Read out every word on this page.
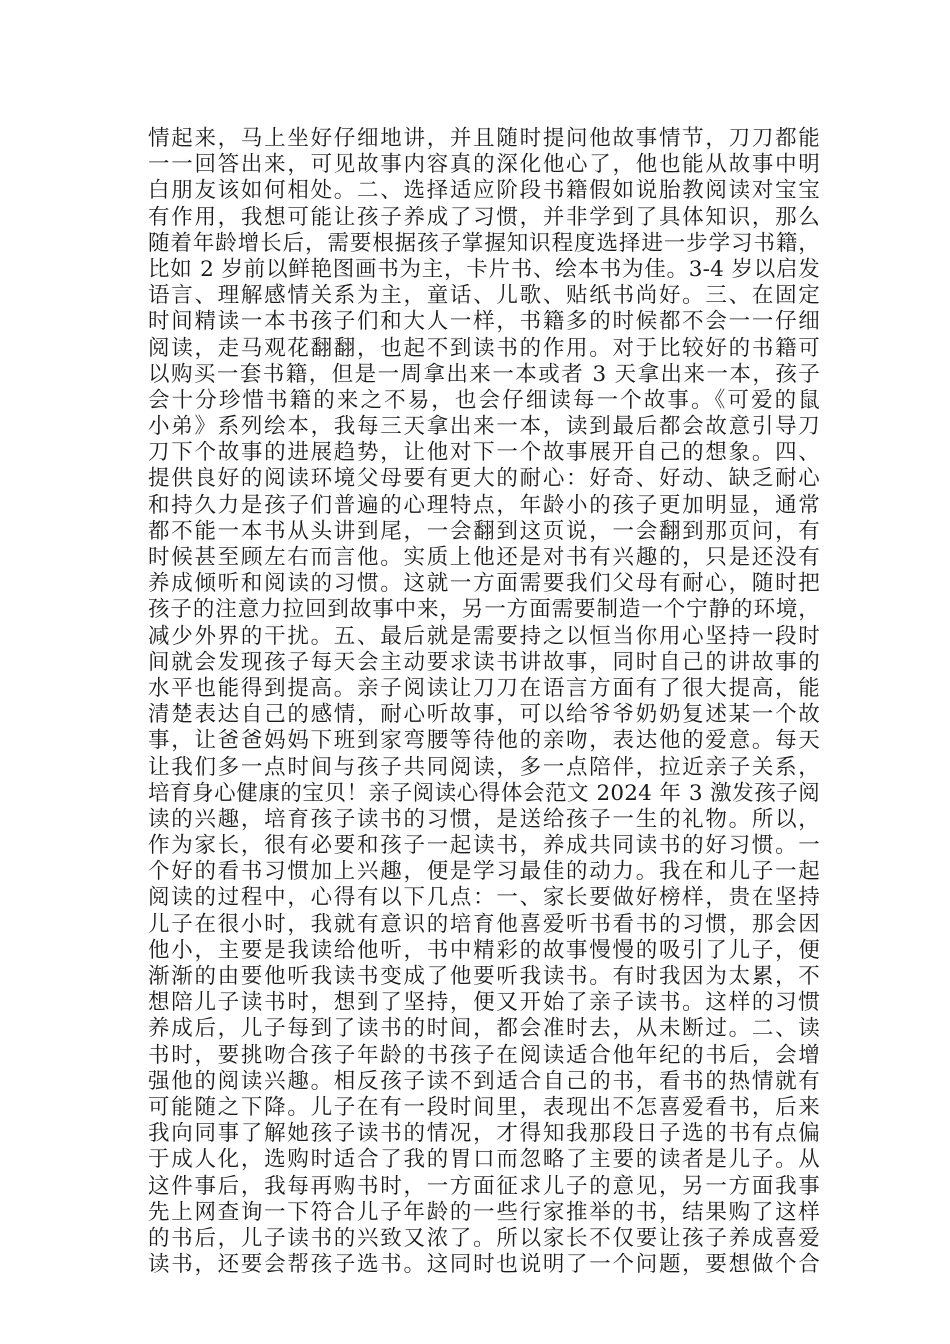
情起来，马上坐好仔细地讲，并且随时提问他故事情节，刀刀都能
一一回答出来，可见故事内容真的深化他心了，他也能从故事中明
白朋友该如何相处。二、选择适应阶段书籍假如说胎教阅读对宝宝
有作用，我想可能让孩子养成了习惯，并非学到了具体知识，那么
随着年龄增长后，需要根据孩子掌握知识程度选择进一步学习书籍，
比如 2 岁前以鲜艳图画书为主，卡片书、绘本书为佳。3-4 岁以启发
语言、理解感情关系为主，童话、儿歌、贴纸书尚好。三、在固定
时间精读一本书孩子们和大人一样，书籍多的时候都不会一一仔细
阅读，走马观花翻翻，也起不到读书的作用。对于比较好的书籍可
以购买一套书籍，但是一周拿出来一本或者 3 天拿出来一本，孩子
会十分珍惜书籍的来之不易，也会仔细读每一个故事。《可爱的鼠
小弟》系列绘本，我每三天拿出来一本，读到最后都会故意引导刀
刀下个故事的进展趋势，让他对下一个故事展开自己的想象。四、
提供良好的阅读环境父母要有更大的耐心：好奇、好动、缺乏耐心
和持久力是孩子们普遍的心理特点，年龄小的孩子更加明显，通常
都不能一本书从头讲到尾，一会翻到这页说，一会翻到那页问，有
时候甚至顾左右而言他。实质上他还是对书有兴趣的，只是还没有
养成倾听和阅读的习惯。这就一方面需要我们父母有耐心，随时把
孩子的注意力拉回到故事中来，另一方面需要制造一个宁静的环境，
减少外界的干扰。五、最后就是需要持之以恒当你用心坚持一段时
间就会发现孩子每天会主动要求读书讲故事，同时自己的讲故事的
水平也能得到提高。亲子阅读让刀刀在语言方面有了很大提高，能
清楚表达自己的感情，耐心听故事，可以给爷爷奶奶复述某一个故
事，让爸爸妈妈下班到家弯腰等待他的亲吻，表达他的爱意。每天
让我们多一点时间与孩子共同阅读，多一点陪伴，拉近亲子关系，
培育身心健康的宝贝！亲子阅读心得体会范文 2024 年 3 激发孩子阅
读的兴趣，培育孩子读书的习惯，是送给孩子一生的礼物。所以，
作为家长，很有必要和孩子一起读书，养成共同读书的好习惯。一
个好的看书习惯加上兴趣，便是学习最佳的动力。我在和儿子一起
阅读的过程中，心得有以下几点：一、家长要做好榜样，贵在坚持
儿子在很小时，我就有意识的培育他喜爱听书看书的习惯，那会因
他小，主要是我读给他听，书中精彩的故事慢慢的吸引了儿子，便
渐渐的由要他听我读书变成了他要听我读书。有时我因为太累，不
想陪儿子读书时，想到了坚持，便又开始了亲子读书。这样的习惯
养成后，儿子每到了读书的时间，都会准时去，从未断过。二、读
书时，要挑吻合孩子年龄的书孩子在阅读适合他年纪的书后，会增
强他的阅读兴趣。相反孩子读不到适合自己的书，看书的热情就有
可能随之下降。儿子在有一段时间里，表现出不怎喜爱看书，后来
我向同事了解她孩子读书的情况，才得知我那段日子选的书有点偏
于成人化，选购时适合了我的胃口而忽略了主要的读者是儿子。从
这件事后，我每再购书时，一方面征求儿子的意见，另一方面我事
先上网查询一下符合儿子年龄的一些行家推举的书，结果购了这样
的书后，儿子读书的兴致又浓了。所以家长不仅要让孩子养成喜爱
读书，还要会帮孩子选书。这同时也说明了一个问题，要想做个合
